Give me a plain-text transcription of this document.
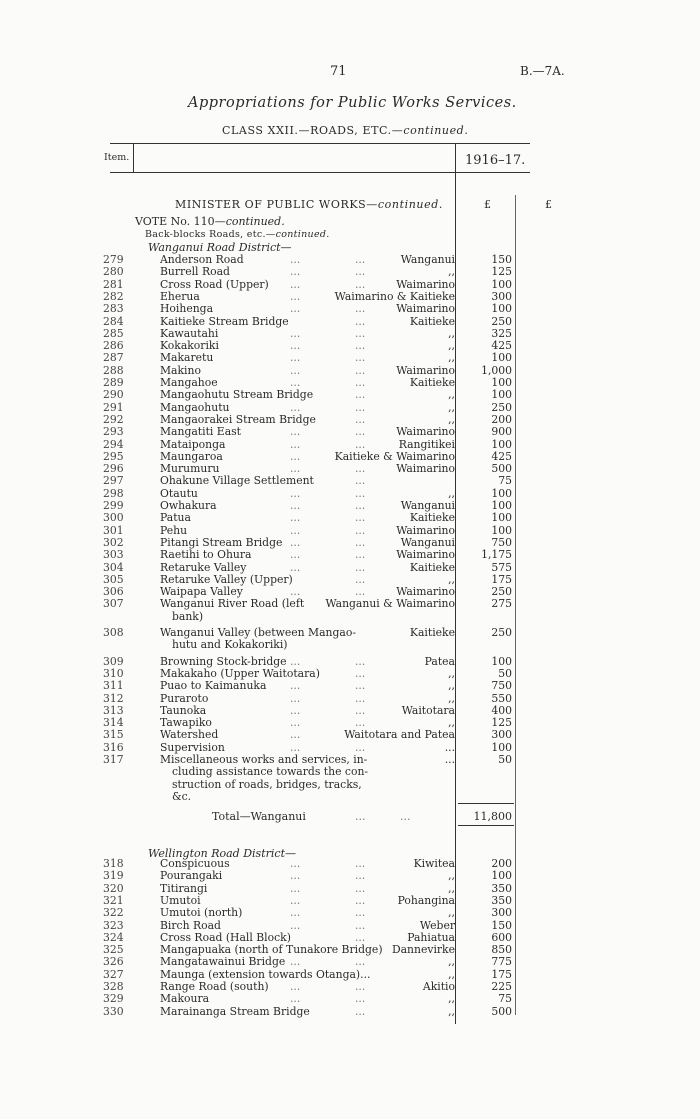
71	B.—7A.
Appropriations for Public Works Services.
CLASS XXII.—ROADS, ETC.—continued.
Item.	1916–17.
£	£
MINISTER OF PUBLIC WORKS—continued.
VOTE No. 110—continued.
Back-blocks Roads, etc.—continued.
Wanganui Road District—
279	Anderson Road	...	...	Wanganui	150
280	Burrell Road	...	...	,,	125
281	Cross Road (Upper) ...	...	Waimarino	100
282	Eherua	...	Waimarino & Kaitieke	300
283	Hoihenga	...	...	Waimarino	100
284	Kaitieke Stream Bridge	...	Kaitieke	250
285	Kawautahi	...	...	,,	325
286	Kokakoriki	...	...	,,	425
287	Makaretu	...	...	,,	100
288	Makino	...	...	Waimarino 1,000
289	Mangahoe	...	...	Kaitieke	100
290	Mangaohutu Stream Bridge	...	,,	100
291	Mangaohutu	...	...	,,	250
292	Mangaorakei Stream Bridge	...	,,	200
293	Mangatiti East	...	...	Waimarino	900
294	Mataiponga	...	...	Rangitikei	100
295	Maungaroa	...	Kaitieke & Waimarino	425
296	Murumuru	...	...	Waimarino	500
297	Ohakune Village Settlement	...	75
298	Otautu	...	...	,,	100
299	Owhakura	...	...	Wanganui	100
300	Patua	...	...	Kaitieke	100
301	Pehu	...	...	Waimarino	100
302	Pitangi Stream Bridge ...	...	Wanganui	750
303	Raetihi to Ohura	...	...	Waimarino 1,175
304	Retaruke Valley	...	...	Kaitieke	575
305	Retaruke Valley (Upper)	...	,,	175
306	Waipapa Valley	...	...	Waimarino	250
307	Wanganui River Road (left Wanganui & Waimarino	275
bank)
308	Wanganui Valley (between Mangao-	Kaitieke	250
hutu and Kokakoriki)
309	Browning Stock-bridge ...	...	Patea	100
310	Makakaho (Upper Waitotara)	...	,,	50
311	Puao to Kaimanuka ...	...	,,	750
312	Puraroto	...	...	,,	550
313	Taunoka	...	...	Waitotara	400
314	Tawapiko	...	...	,,	125
315	Watershed	...	Waitotara and Patea	300
316	Supervision	...	...	...	100
317	Miscellaneous works and services, in-	...	50
cluding assistance towards the con-
struction of roads, bridges, tracks,
&c.
Total—Wanganui	...	...	11,800
Wellington Road District—
318	Conspicuous	...	...	Kiwitea	200
319	Pourangaki	...	...	,,	100
320	Titirangi	...	...	,,	350
321	Umutoi	...	...	Pohangina	350
322	Umutoi (north)	...	...	,,	300
323	Birch Road	...	...	Weber	150
324	Cross Road (Hall Block)	...	Pahiatua	600
325	Mangapuaka (north of Tunakore Bridge) Dannevirke	850
326	Mangatawainui Bridge ...	...	,,	775
327	Maunga (extension towards Otanga)...	,,	175
328	Range Road (south) ...	...	Akitio	225
329	Makoura	...	...	,,	75
330	Marainanga Stream Bridge	...	,,	500
